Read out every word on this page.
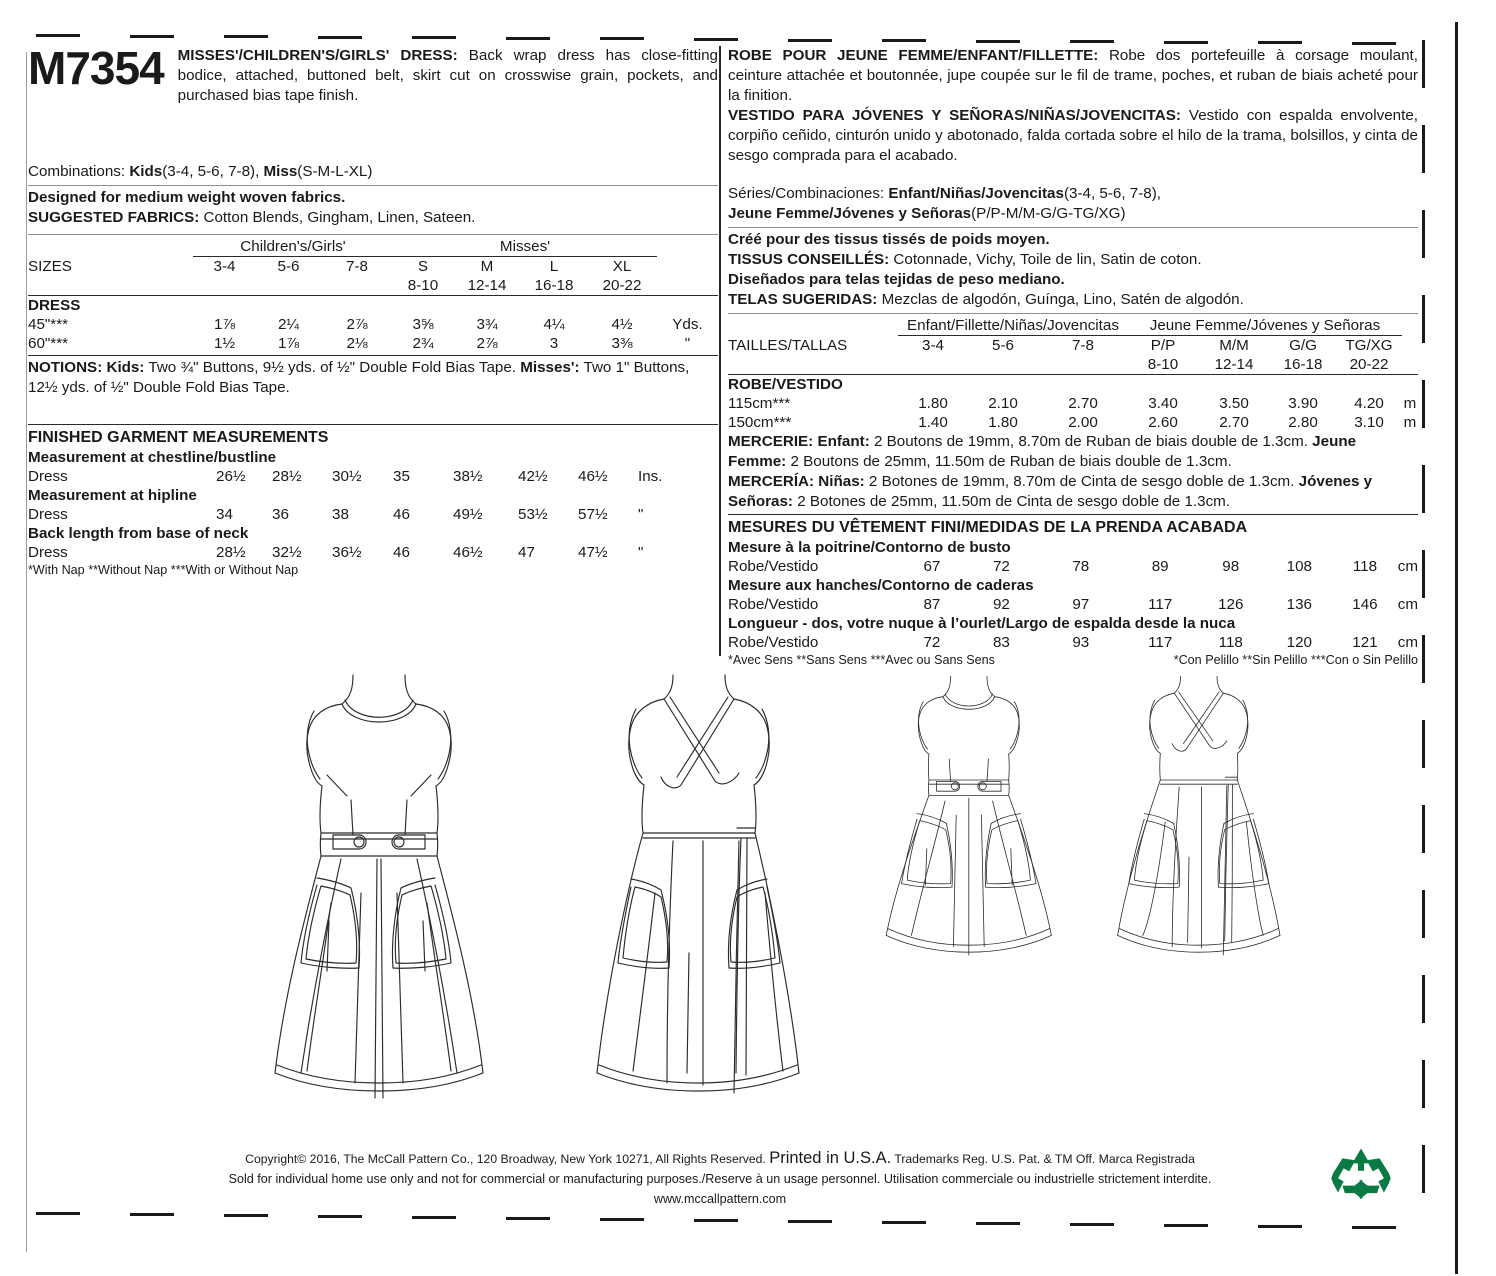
M7354 MISSES'/CHILDREN'S/GIRLS' DRESS: Back wrap dress has close-fitting bodice, attached, buttoned belt, skirt cut on crosswise grain, pockets, and purchased bias tape finish.
Combinations: Kids(3-4, 5-6, 7-8), Miss(S-M-L-XL)
Designed for medium weight woven fabrics.
SUGGESTED FABRICS: Cotton Blends, Gingham, Linen, Sateen.
	Children's/Girls'			Misses'				
SIZES	3-4	5-6	7-8	S	M	L	XL	
				8-10	12-14	16-18	20-22	
DRESS								
45"***	1⅞	2¼	2⅞	3⅝	3¾	4¼	4½	Yds.
60"***	1½	1⅞	2⅛	2¾	2⅞	3	3⅜	"
NOTIONS: Kids: Two ¾" Buttons, 9½ yds. of ½" Double Fold Bias Tape. Misses': Two 1" Buttons, 12½ yds. of ½" Double Fold Bias Tape.
FINISHED GARMENT MEASUREMENTS
Measurement at chestline/bustline								
Dress	26½	28½	30½	35	38½	42½	46½	Ins.
Measurement at hipline								
Dress	34	36	38	46	49½	53½	57½	"
Back length from base of neck								
Dress	28½	32½	36½	46	46½	47	47½	"
*With Nap **Without Nap ***With or Without Nap
ROBE POUR JEUNE FEMME/ENFANT/FILLETTE: Robe dos portefeuille à corsage moulant, ceinture attachée et boutonnée, jupe coupée sur le fil de trame, poches, et ruban de biais acheté pour la finition.
VESTIDO PARA JÓVENES Y SEÑORAS/NIÑAS/JOVENCITAS: Vestido con espalda envolvente, corpiño ceñido, cinturón unido y abotonado, falda cortada sobre el hilo de la trama, bolsillos, y cinta de sesgo comprada para el acabado.
Séries/Combinaciones: Enfant/Niñas/Jovencitas(3-4, 5-6, 7-8),
Jeune Femme/Jóvenes y Señoras(P/P-M/M-G/G-TG/XG)
Créé pour des tissus tissés de poids moyen.
TISSUS CONSEILLÉS: Cotonnade, Vichy, Toile de lin, Satin de coton.
Diseñados para telas tejidas de peso mediano.
TELAS SUGERIDAS: Mezclas de algodón, Guínga, Lino, Satén de algodón.
	Enfant/Fillette/Niñas/Jovencitas			Jeune Femme/Jóvenes y Señoras				
TAILLES/TALLAS	3-4	5-6	7-8	P/P	M/M	G/G	TG/XG	
				8-10	12-14	16-18	20-22	
ROBE/VESTIDO								
115cm***	1.80	2.10	2.70	3.40	3.50	3.90	4.20	m
150cm***	1.40	1.80	2.00	2.60	2.70	2.80	3.10	m
MERCERIE: Enfant: 2 Boutons de 19mm, 8.70m de Ruban de biais double de 1.3cm. Jeune Femme: 2 Boutons de 25mm, 11.50m de Ruban de biais double de 1.3cm.
MERCERÍA: Niñas: 2 Botones de 19mm, 8.70m de Cinta de sesgo doble de 1.3cm. Jóvenes y Señoras: 2 Botones de 25mm, 11.50m de Cinta de sesgo doble de 1.3cm.
MESURES DU VÊTEMENT FINI/MEDIDAS DE LA PRENDA ACABADA
Mesure à la poitrine/Contorno de busto								
Robe/Vestido	67	72	78	89	98	108	118	cm
Mesure aux hanches/Contorno de caderas								
Robe/Vestido	87	92	97	117	126	136	146	cm
Longueur - dos, votre nuque à l’ourlet/Largo de espalda desde la nuca								
Robe/Vestido	72	83	93	117	118	120	121	cm
*Avec Sens **Sans Sens ***Avec ou Sans Sens	*Con Pelillo **Sin Pelillo ***Con o Sin Pelillo
Copyright© 2016, The McCall Pattern Co., 120 Broadway, New York 10271, All Rights Reserved. Printed in U.S.A. Trademarks Reg. U.S. Pat. & TM Off. Marca Registrada
Sold for individual home use only and not for commercial or manufacturing purposes./Reserve à un usage personnel. Utilisation commerciale ou industrielle strictement interdite.
www.mccallpattern.com
